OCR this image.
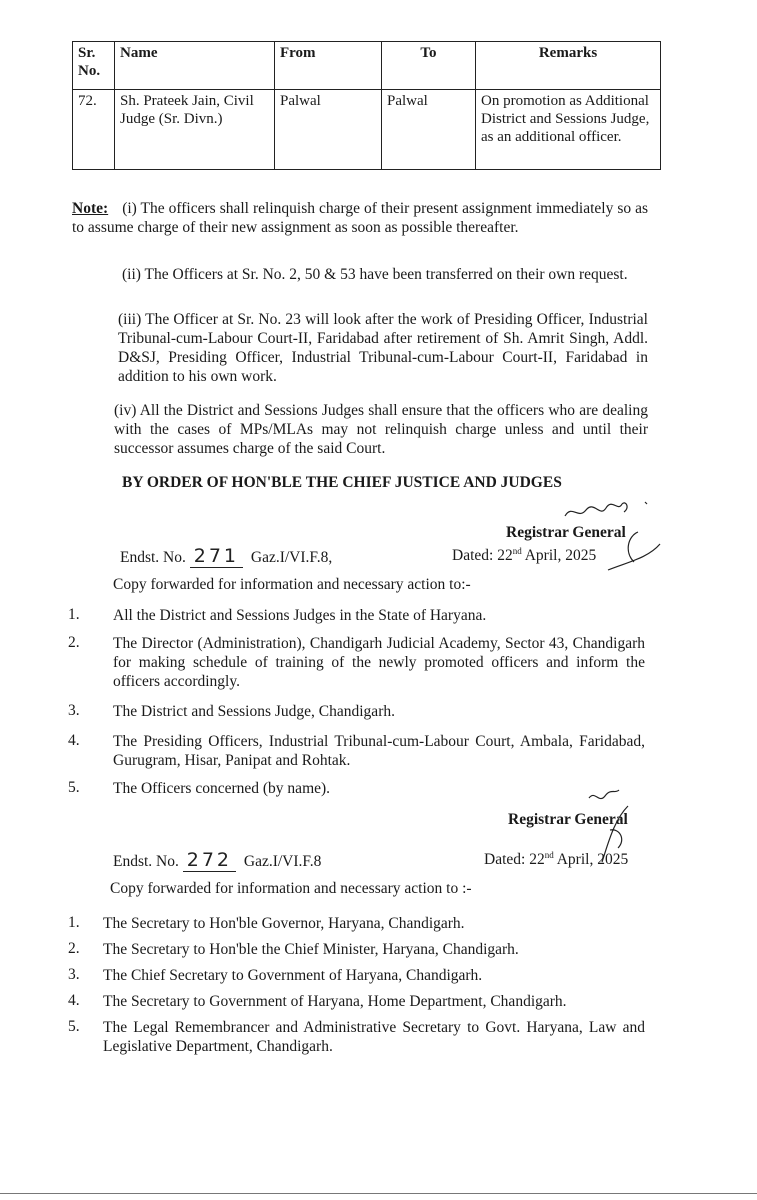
Sr. No.	Name	From	To	Remarks
72.	Sh. Prateek Jain, Civil Judge (Sr. Divn.)	Palwal	Palwal	On promotion as Additional District and Sessions Judge, as an additional officer.
Note: (i) The officers shall relinquish charge of their present assignment immediately so as to assume charge of their new assignment as soon as possible thereafter.
(ii) The Officers at Sr. No. 2, 50 & 53 have been transferred on their own request.
(iii) The Officer at Sr. No. 23 will look after the work of Presiding Officer, Industrial Tribunal-cum-Labour Court-II, Faridabad after retirement of Sh. Amrit Singh, Addl. D&SJ, Presiding Officer, Industrial Tribunal-cum-Labour Court-II, Faridabad in addition to his own work.
(iv) All the District and Sessions Judges shall ensure that the officers who are dealing with the cases of MPs/MLAs may not relinquish charge unless and until their successor assumes charge of the said Court.
BY ORDER OF HON'BLE THE CHIEF JUSTICE AND JUDGES
Registrar General
Endst. No. 271 Gaz.I/VI.F.8,	Dated: 22nd April, 2025
Copy forwarded for information and necessary action to:-
1.	All the District and Sessions Judges in the State of Haryana.
2.	The Director (Administration), Chandigarh Judicial Academy, Sector 43, Chandigarh for making schedule of training of the newly promoted officers and inform the officers accordingly.
3.	The District and Sessions Judge, Chandigarh.
4.	The Presiding Officers, Industrial Tribunal-cum-Labour Court, Ambala, Faridabad, Gurugram, Hisar, Panipat and Rohtak.
5.	The Officers concerned (by name).
Registrar General
Endst. No. 272 Gaz.I/VI.F.8	Dated: 22nd April, 2025
Copy forwarded for information and necessary action to :-
1.	The Secretary to Hon'ble Governor, Haryana, Chandigarh.
2.	The Secretary to Hon'ble the Chief Minister, Haryana, Chandigarh.
3.	The Chief Secretary to Government of Haryana, Chandigarh.
4.	The Secretary to Government of Haryana, Home Department, Chandigarh.
5.	The Legal Remembrancer and Administrative Secretary to Govt. Haryana, Law and Legislative Department, Chandigarh.
